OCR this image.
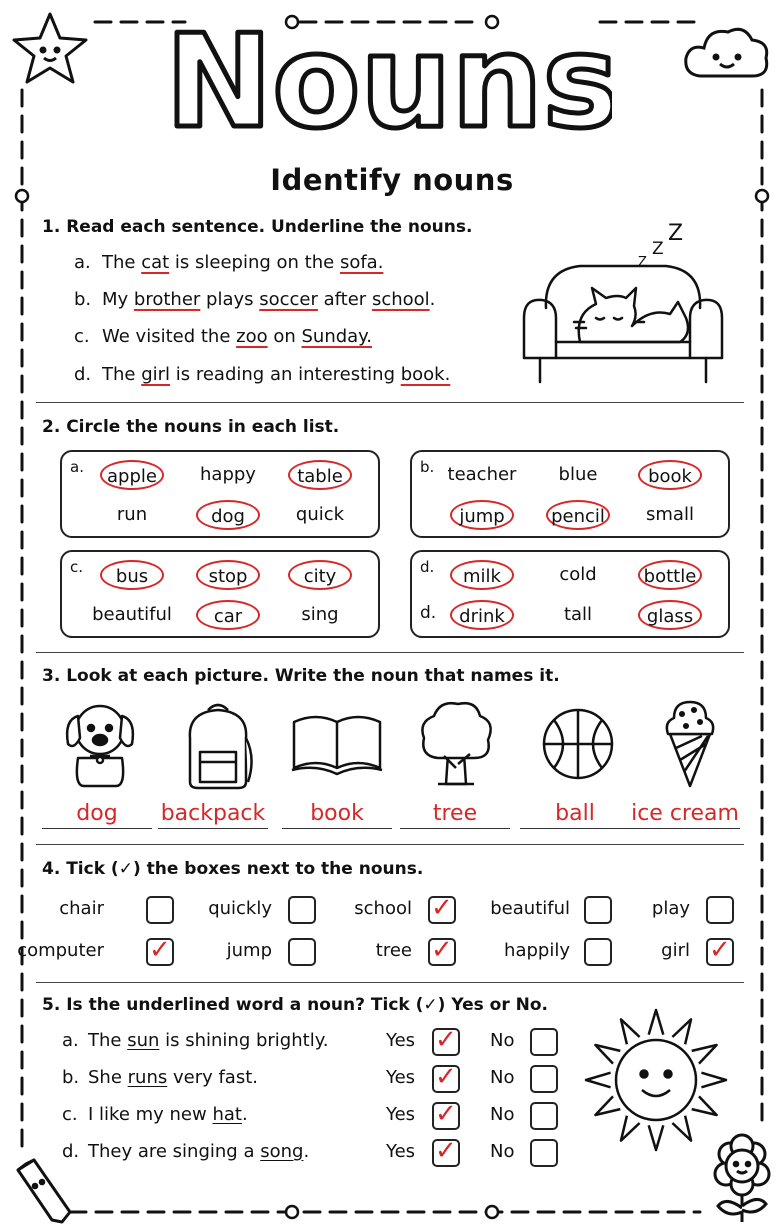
Nouns
Identify nouns
1. Read each sentence. Underline the nouns.
a. The cat is sleeping on the sofa.
b. My brother plays soccer after school.
c. We visited the zoo on Sunday.
d. The girl is reading an interesting book.
Z
Z
Z
2. Circle the nouns in each list.
a.	apple	happy	table
run	dog	quick
b. teacher	blue	book
jump	pencil	small
c.	bus	stop	city
beautiful	car	sing
d.
d.
milk	cold	bottle
drink	tall	glass
3. Look at each picture. Write the noun that names it.
dog	backpack	book	tree	ball	ice cream
4. Tick (✓) the boxes next to the nouns.
chair	quickly	school ✓	beautiful	play
computer ✓	jump	tree ✓	happily	girl ✓
5. Is the underlined word a noun? Tick (✓) Yes or No.
a. The sun is shining brightly.	Yes ✓ No
b. She runs very fast.	Yes ✓ No
c. I like my new hat.	Yes ✓ No
d. They are singing a song.	Yes ✓ No
